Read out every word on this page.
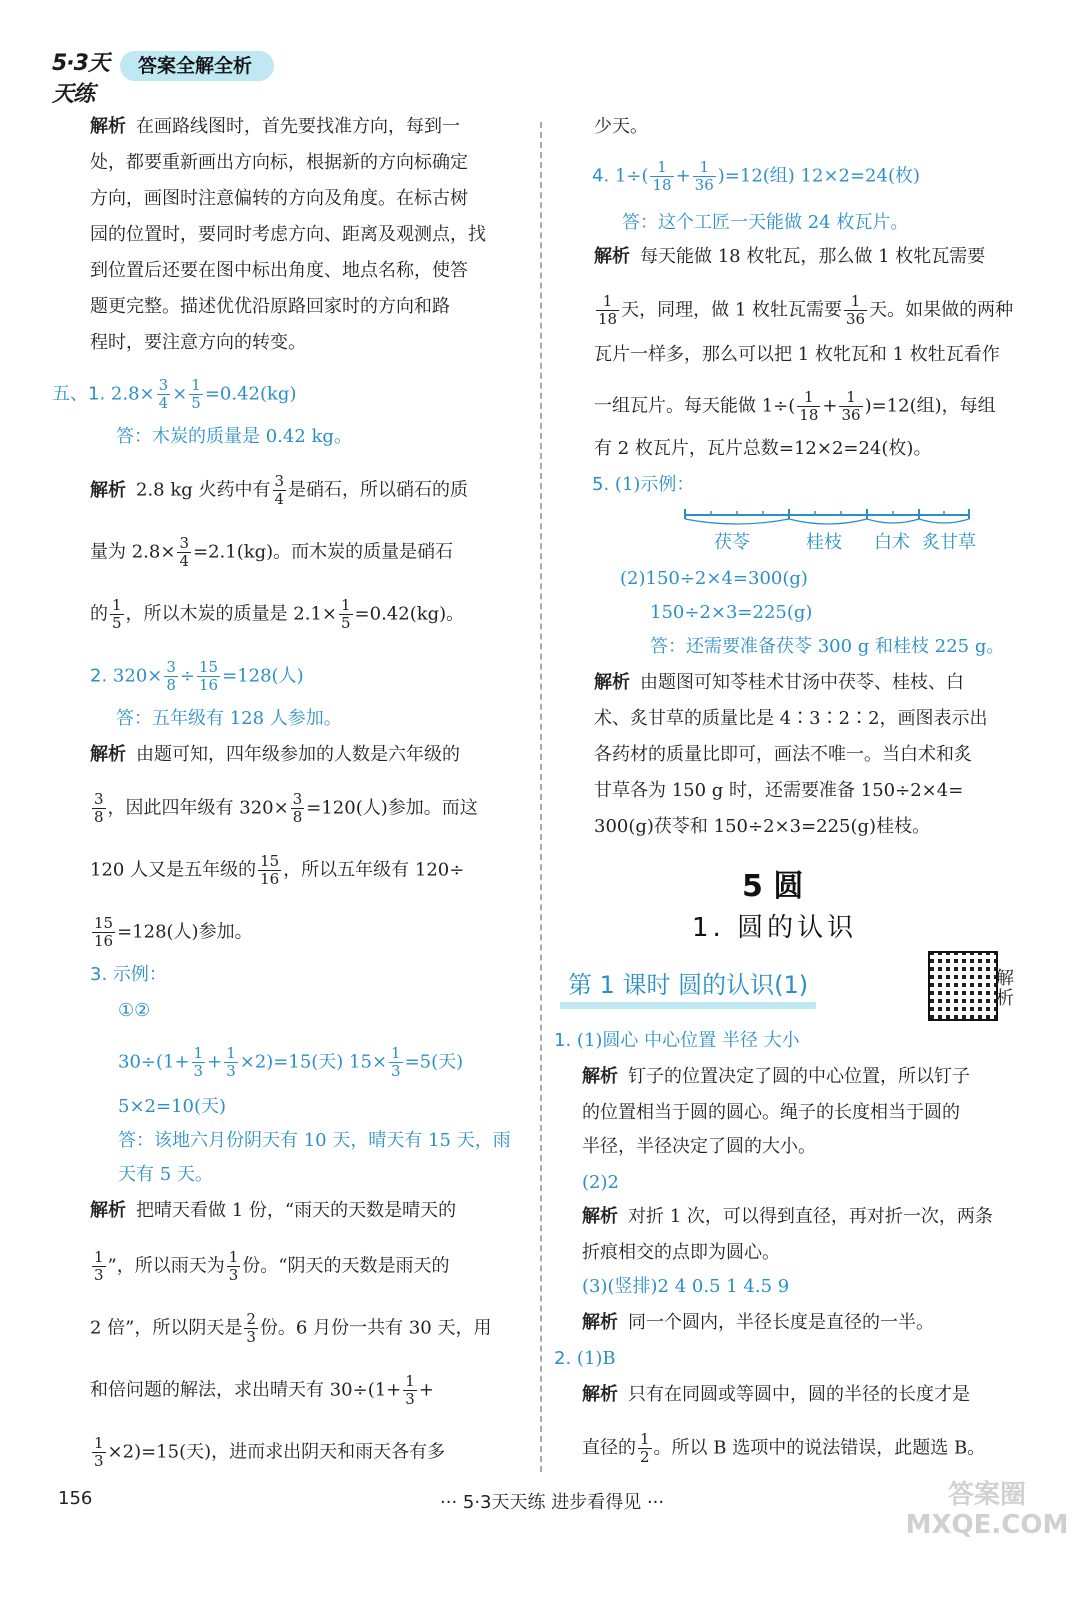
5·3天天练
答案全解全析
解析 在画路线图时，首先要找准方向，每到一
处，都要重新画出方向标，根据新的方向标确定
方向，画图时注意偏转的方向及角度。在标古树
园的位置时，要同时考虑方向、距离及观测点，找
到位置后还要在图中标出角度、地点名称，使答
题更完整。描述优优沿原路回家时的方向和路
程时，要注意方向的转变。
五、1. $2.8\times \frac{3}{4} \times \frac{1}{5} =0.42(kg)$
答：木炭的质量是 0.42 kg。
解析 2.8 kg 火药中有 $\frac{3}{4}$ 是硝石，所以硝石的质
量为 $2.8\times \frac{3}{4} =2.1(kg)$。而木炭的质量是硝石
的 $\frac{1}{5}$ ，所以木炭的质量是 $2.1\times \frac{1}{5} =0.42(kg)$。
2. $320\times \frac{3}{8} \div \frac{15}{16} =128$(人)
答：五年级有 128 人参加。
解析 由题可知，四年级参加的人数是六年级的
$\frac{3}{8}$ ，因此四年级有 $320\times \frac{3}{8} =120$(人)参加。而这
120 人又是五年级的 $\frac{15}{16}$ ，所以五年级有 120÷
$\frac{15}{16} =128$(人)参加。
3. 示例：
①②
$30\div(1+ \frac{1}{3} + \frac{1}{3} \times 2)=15$(天) $15\times \frac{1}{3} =5$(天)
5×2=10(天)
答：该地六月份阴天有 10 天，晴天有 15 天，雨
天有 5 天。
解析 把晴天看做 1 份，“雨天的天数是晴天的
$\frac{1}{3}$ ”，所以雨天为 $\frac{1}{3}$ 份。“阴天的天数是雨天的
2 倍”，所以阴天是 $\frac{2}{3}$ 份。6 月份一共有 30 天，用
和倍问题的解法，求出晴天有 $30\div(1+ \frac{1}{3}$ +
$\frac{1}{3} \times 2)=15$(天)，进而求出阴天和雨天各有多
少天。
4. $1\div( \frac{1}{18} + \frac{1}{36} )=12$(组) 12×2=24(枚)
答：这个工匠一天能做 24 枚瓦片。
解析 每天能做 18 枚牝瓦，那么做 1 枚牝瓦需要
$\frac{1}{18}$ 天，同理，做 1 枚牡瓦需要 $\frac{1}{36}$ 天。如果做的两种
瓦片一样多，那么可以把 1 枚牝瓦和 1 枚牡瓦看作
一组瓦片。每天能做 $1\div( \frac{1}{18} + \frac{1}{36} )=12$(组)，每组
有 2 枚瓦片，瓦片总数=12×2=24(枚)。
5. (1)示例：
茯苓	桂枝 白术 炙甘草
(2)150÷2×4=300(g)
150÷2×3=225(g)
答：还需要准备茯苓 300 g 和桂枝 225 g。
解析 由题图可知苓桂术甘汤中茯苓、桂枝、白
术、炙甘草的质量比是 4∶3∶2∶2，画图表示出
各药材的质量比即可，画法不唯一。当白术和炙
甘草各为 150 g 时，还需要准备 150÷2×4=
300(g)茯苓和 150÷2×3=225(g)桂枝。
5 圆
1. 圆的认识
第 1 课时 圆的认识(1)	解析
1. (1)圆心 中心位置 半径 大小
解析 钉子的位置决定了圆的中心位置，所以钉子
的位置相当于圆的圆心。绳子的长度相当于圆的
半径，半径决定了圆的大小。
(2)2
解析 对折 1 次，可以得到直径，再对折一次，两条
折痕相交的点即为圆心。
(3)(竖排)2 4 0.5 1 4.5 9
解析 同一个圆内，半径长度是直径的一半。
2. (1)B
解析 只有在同圆或等圆中，圆的半径的长度才是
直径的 $\frac{1}{2}$ 。所以 B 选项中的说法错误，此题选 B。
156	··· 5·3天天练 进步看得见 ···	答案圈
MXQE.COM
